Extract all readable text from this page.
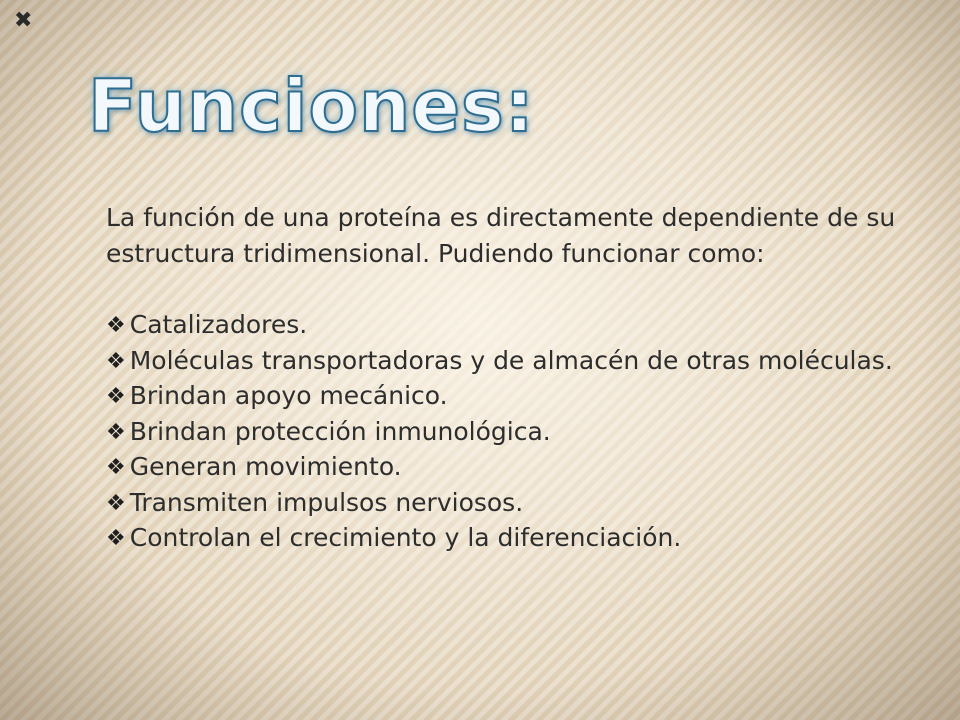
✖
Funciones:

La función de una proteína es directamente dependiente de su estructura tridimensional. Pudiendo funcionar como:

❖ Catalizadores.
❖ Moléculas transportadoras y de almacén de otras moléculas.
❖ Brindan apoyo mecánico.
❖ Brindan protección inmunológica.
❖ Generan movimiento.
❖ Transmiten impulsos nerviosos.
❖ Controlan el crecimiento y la diferenciación.
